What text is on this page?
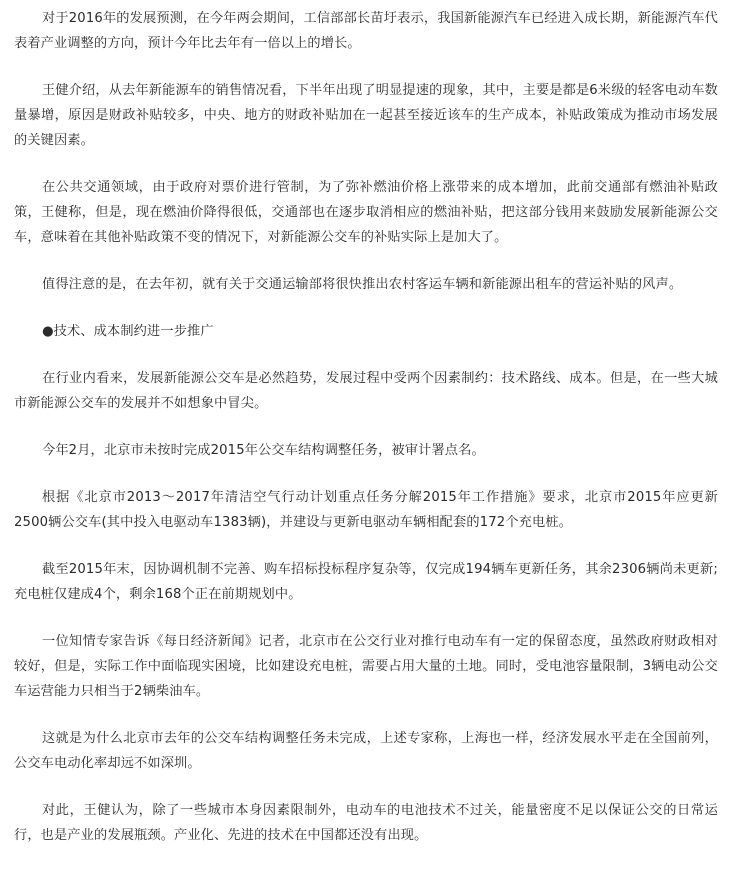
对于2016年的发展预测，在今年两会期间，工信部部长苗圩表示，我国新能源汽车已经进入成长期，新能源汽车代表着产业调整的方向，预计今年比去年有一倍以上的增长。

王健介绍，从去年新能源车的销售情况看，下半年出现了明显提速的现象，其中，主要是都是6米级的轻客电动车数量暴增，原因是财政补贴较多，中央、地方的财政补贴加在一起甚至接近该车的生产成本，补贴政策成为推动市场发展的关键因素。

在公共交通领域，由于政府对票价进行管制，为了弥补燃油价格上涨带来的成本增加，此前交通部有燃油补贴政策，王健称，但是，现在燃油价降得很低，交通部也在逐步取消相应的燃油补贴，把这部分钱用来鼓励发展新能源公交车，意味着在其他补贴政策不变的情况下，对新能源公交车的补贴实际上是加大了。

值得注意的是，在去年初，就有关于交通运输部将很快推出农村客运车辆和新能源出租车的营运补贴的风声。

●技术、成本制约进一步推广

在行业内看来，发展新能源公交车是必然趋势，发展过程中受两个因素制约：技术路线、成本。但是，在一些大城市新能源公交车的发展并不如想象中冒尖。

今年2月，北京市未按时完成2015年公交车结构调整任务，被审计署点名。

根据《北京市2013～2017年清洁空气行动计划重点任务分解2015年工作措施》要求，北京市2015年应更新2500辆公交车(其中投入电驱动车1383辆)，并建设与更新电驱动车辆相配套的172个充电桩。

截至2015年末，因协调机制不完善、购车招标投标程序复杂等，仅完成194辆车更新任务，其余2306辆尚未更新;充电桩仅建成4个，剩余168个正在前期规划中。

一位知情专家告诉《每日经济新闻》记者，北京市在公交行业对推行电动车有一定的保留态度，虽然政府财政相对较好，但是，实际工作中面临现实困境，比如建设充电桩，需要占用大量的土地。同时，受电池容量限制，3辆电动公交车运营能力只相当于2辆柴油车。

这就是为什么北京市去年的公交车结构调整任务未完成，上述专家称，上海也一样，经济发展水平走在全国前列，公交车电动化率却远不如深圳。

对此，王健认为，除了一些城市本身因素限制外，电动车的电池技术不过关，能量密度不足以保证公交的日常运行，也是产业的发展瓶颈。产业化、先进的技术在中国都还没有出现。
